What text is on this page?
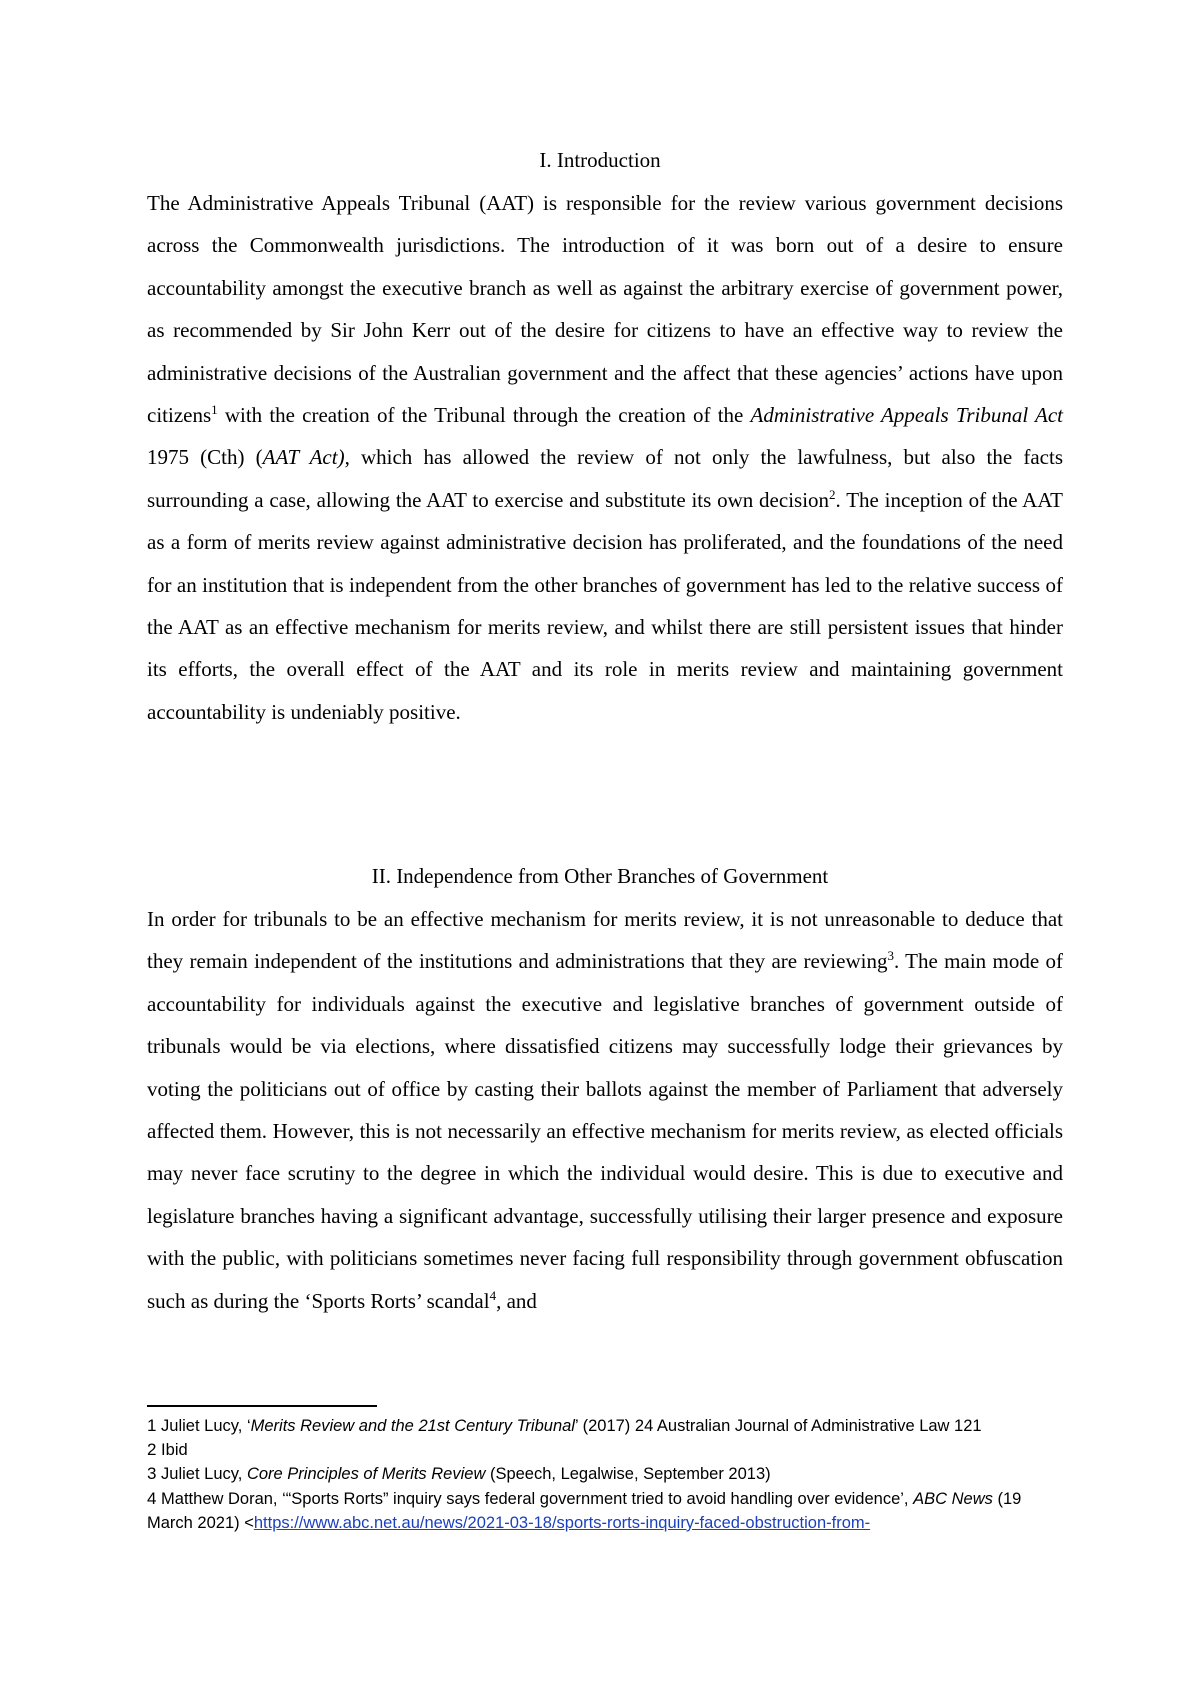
I. Introduction

The Administrative Appeals Tribunal (AAT) is responsible for the review various government decisions across the Commonwealth jurisdictions. The introduction of it was born out of a desire to ensure accountability amongst the executive branch as well as against the arbitrary exercise of government power, as recommended by Sir John Kerr out of the desire for citizens to have an effective way to review the administrative decisions of the Australian government and the affect that these agencies’ actions have upon citizens$^1$ with the creation of the Tribunal through the creation of the Administrative Appeals Tribunal Act 1975 (Cth) (AAT Act), which has allowed the review of not only the lawfulness, but also the facts surrounding a case, allowing the AAT to exercise and substitute its own decision$^2$. The inception of the AAT as a form of merits review against administrative decision has proliferated, and the foundations of the need for an institution that is independent from the other branches of government has led to the relative success of the AAT as an effective mechanism for merits review, and whilst there are still persistent issues that hinder its efforts, the overall effect of the AAT and its role in merits review and maintaining government accountability is undeniably positive.

II. Independence from Other Branches of Government

In order for tribunals to be an effective mechanism for merits review, it is not unreasonable to deduce that they remain independent of the institutions and administrations that they are reviewing$^3$. The main mode of accountability for individuals against the executive and legislative branches of government outside of tribunals would be via elections, where dissatisfied citizens may successfully lodge their grievances by voting the politicians out of office by casting their ballots against the member of Parliament that adversely affected them. However, this is not necessarily an effective mechanism for merits review, as elected officials may never face scrutiny to the degree in which the individual would desire. This is due to executive and legislature branches having a significant advantage, successfully utilising their larger presence and exposure with the public, with politicians sometimes never facing full responsibility through government obfuscation such as during the ‘Sports Rorts’ scandal$^4$, and

1 Juliet Lucy, ‘Merits Review and the 21st Century Tribunal’ (2017) 24 Australian Journal of Administrative Law 121

2 Ibid

3 Juliet Lucy, Core Principles of Merits Review (Speech, Legalwise, September 2013)

4 Matthew Doran, ‘“Sports Rorts” inquiry says federal government tried to avoid handling over evidence’, ABC News (19 March 2021) <https://www.abc.net.au/news/2021-03-18/sports-rorts-inquiry-faced-obstruction-from-
